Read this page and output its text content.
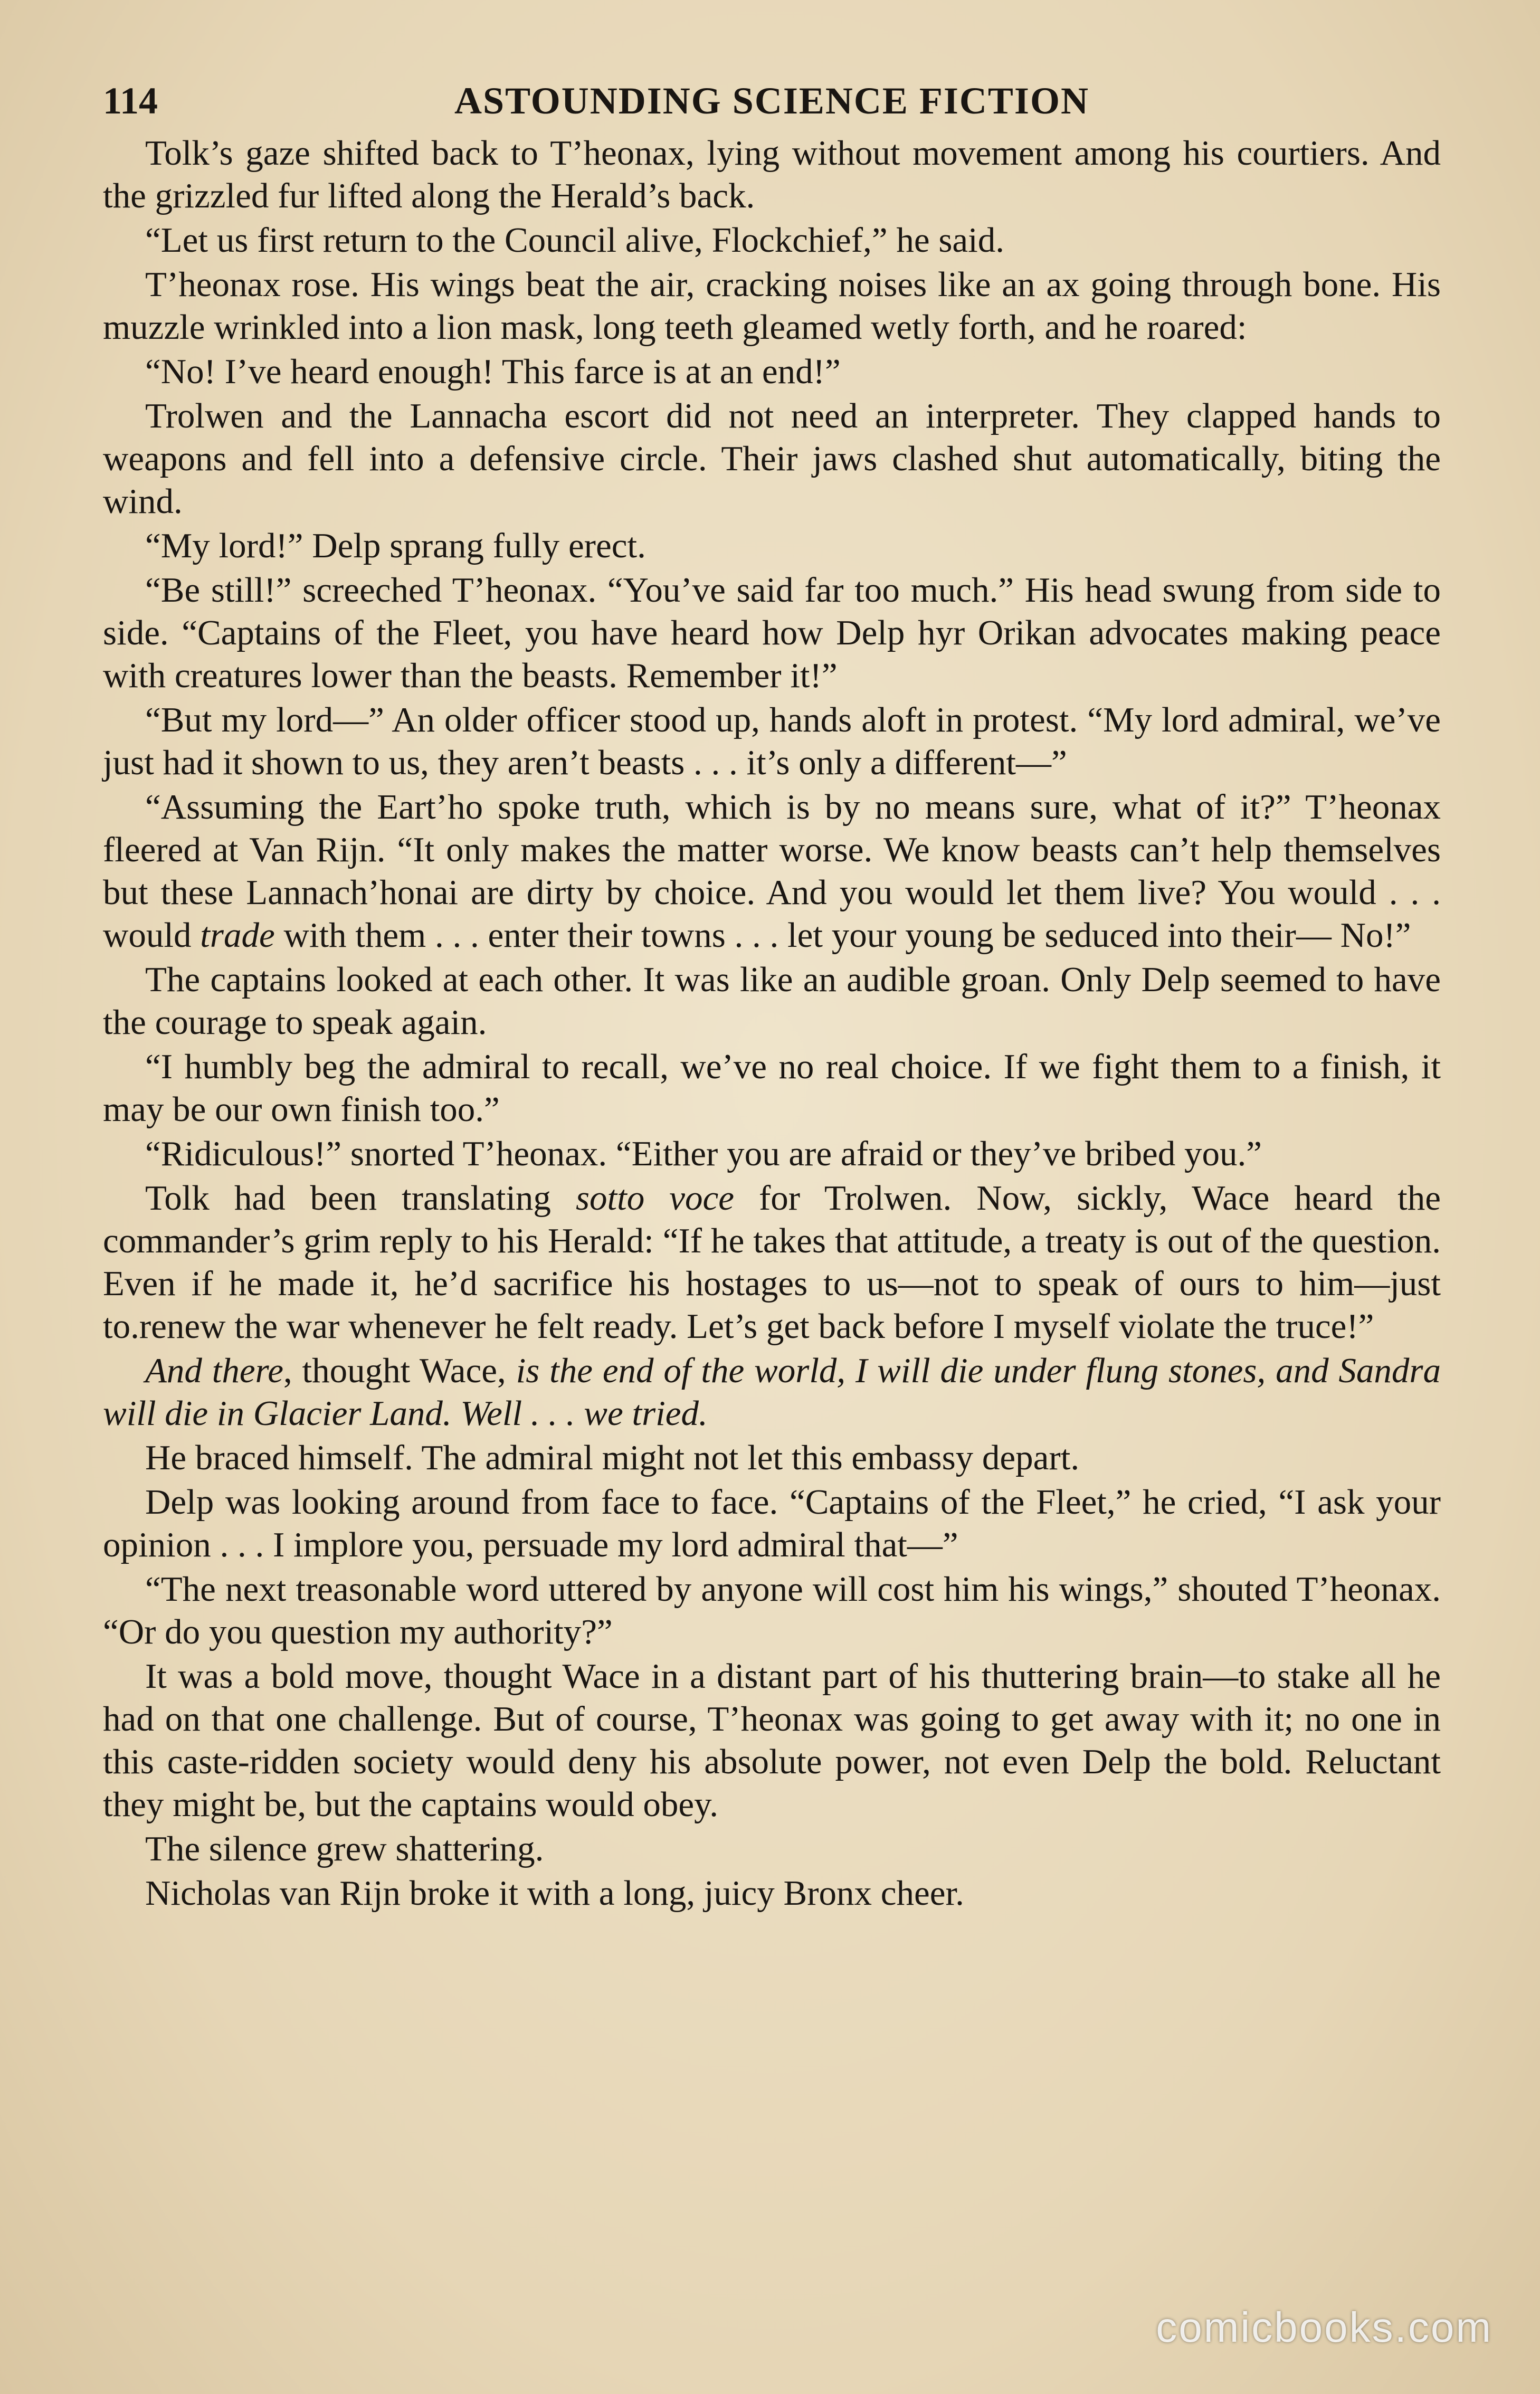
114	ASTOUNDING SCIENCE FICTION

Tolk’s gaze shifted back to T’heonax, lying without movement among his courtiers. And the grizzled fur lifted along the Herald’s back.

“Let us first return to the Council alive, Flockchief,” he said.

T’heonax rose. His wings beat the air, cracking noises like an ax going through bone. His muzzle wrinkled into a lion mask, long teeth gleamed wetly forth, and he roared:

“No! I’ve heard enough! This farce is at an end!”

Trolwen and the Lannacha escort did not need an interpreter. They clapped hands to weapons and fell into a defensive circle. Their jaws clashed shut automatically, biting the wind.

“My lord!” Delp sprang fully erect.

“Be still!” screeched T’heonax. “You’ve said far too much.” His head swung from side to side. “Captains of the Fleet, you have heard how Delp hyr Orikan advocates making peace with creatures lower than the beasts. Remember it!”

“But my lord—” An older officer stood up, hands aloft in protest. “My lord admiral, we’ve just had it shown to us, they aren’t beasts . . . it’s only a different—”

“Assuming the Eart’ho spoke truth, which is by no means sure, what of it?” T’heonax fleered at Van Rijn. “It only makes the matter worse. We know beasts can’t help themselves but these Lannach’honai are dirty by choice. And you would let them live? You would . . . would trade with them . . . enter their towns . . . let your young be seduced into their— No!”

The captains looked at each other. It was like an audible groan. Only Delp seemed to have the courage to speak again.

“I humbly beg the admiral to recall, we’ve no real choice. If we fight them to a finish, it may be our own finish too.”

“Ridiculous!” snorted T’heonax. “Either you are afraid or they’ve bribed you.”

Tolk had been translating sotto voce for Trolwen. Now, sickly, Wace heard the commander’s grim reply to his Herald: “If he takes that attitude, a treaty is out of the question. Even if he made it, he’d sacrifice his hostages to us—not to speak of ours to him—just to.renew the war whenever he felt ready. Let’s get back before I myself violate the truce!”

And there, thought Wace, is the end of the world, I will die under flung stones, and Sandra will die in Glacier Land. Well . . . we tried.

He braced himself. The admiral might not let this embassy depart.

Delp was looking around from face to face. “Captains of the Fleet,” he cried, “I ask your opinion . . . I implore you, persuade my lord admiral that—”

“The next treasonable word uttered by anyone will cost him his wings,” shouted T’heonax. “Or do you question my authority?”

It was a bold move, thought Wace in a distant part of his thuttering brain—to stake all he had on that one challenge. But of course, T’heonax was going to get away with it; no one in this caste-ridden society would deny his absolute power, not even Delp the bold. Reluctant they might be, but the captains would obey.

The silence grew shattering.

Nicholas van Rijn broke it with a long, juicy Bronx cheer.

comicbooks.com
